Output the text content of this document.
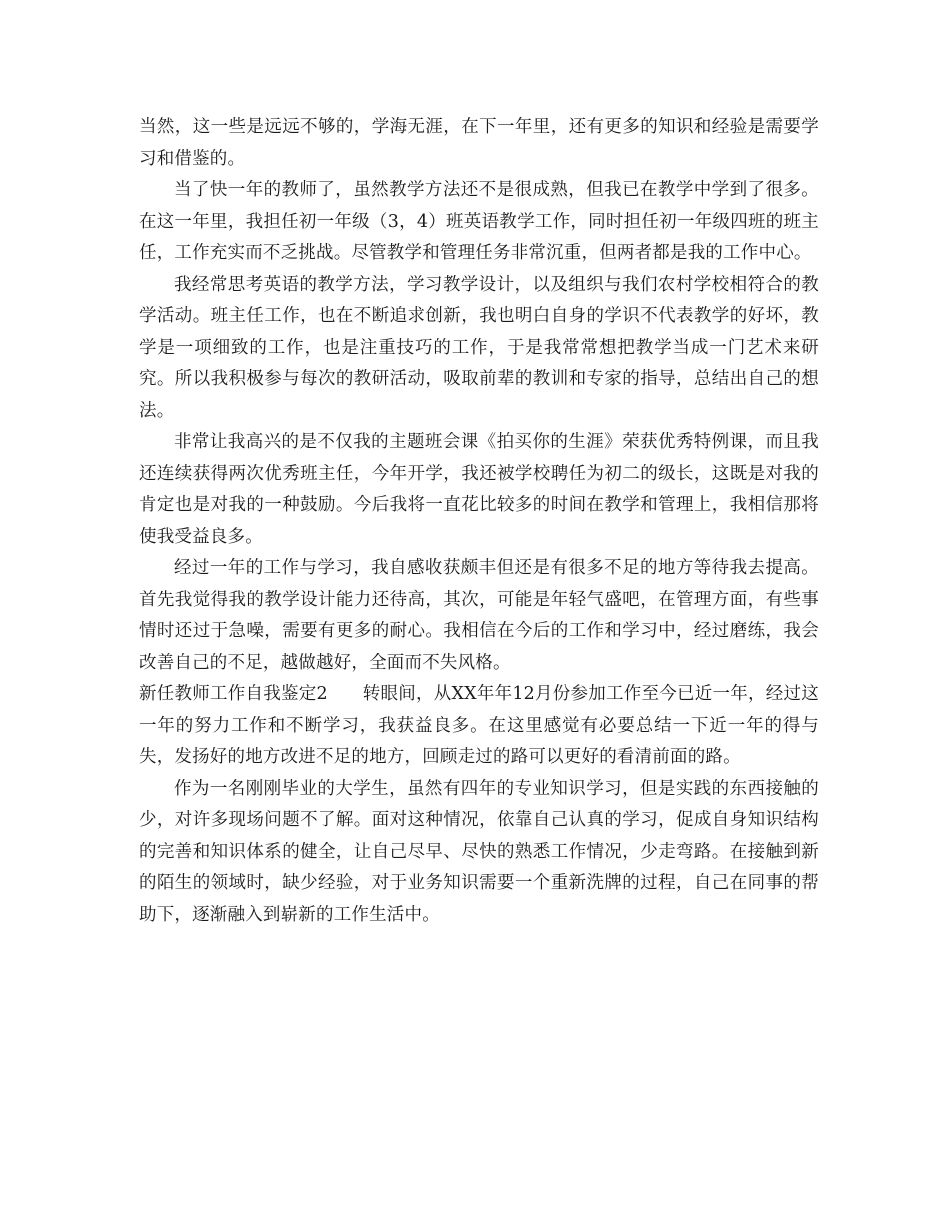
当然，这一些是远远不够的，学海无涯，在下一年里，还有更多的知识和经验是需要学习和借鉴的。

当了快一年的教师了，虽然教学方法还不是很成熟，但我已在教学中学到了很多。在这一年里，我担任初一年级（3，4）班英语教学工作，同时担任初一年级四班的班主任，工作充实而不乏挑战。尽管教学和管理任务非常沉重，但两者都是我的工作中心。

我经常思考英语的教学方法，学习教学设计，以及组织与我们农村学校相符合的教学活动。班主任工作，也在不断追求创新，我也明白自身的学识不代表教学的好坏，教学是一项细致的工作，也是注重技巧的工作，于是我常常想把教学当成一门艺术来研究。所以我积极参与每次的教研活动，吸取前辈的教训和专家的指导，总结出自己的想法。

非常让我高兴的是不仅我的主题班会课《拍买你的生涯》荣获优秀特例课，而且我还连续获得两次优秀班主任，今年开学，我还被学校聘任为初二的级长，这既是对我的肯定也是对我的一种鼓励。今后我将一直花比较多的时间在教学和管理上，我相信那将使我受益良多。

经过一年的工作与学习，我自感收获颇丰但还是有很多不足的地方等待我去提高。首先我觉得我的教学设计能力还待高，其次，可能是年轻气盛吧，在管理方面，有些事情时还过于急噪，需要有更多的耐心。我相信在今后的工作和学习中，经过磨练，我会改善自己的不足，越做越好，全面而不失风格。

新任教师工作自我鉴定2 转眼间，从XX年年12月份参加工作至今已近一年，经过这一年的努力工作和不断学习，我获益良多。在这里感觉有必要总结一下近一年的得与失，发扬好的地方改进不足的地方，回顾走过的路可以更好的看清前面的路。

作为一名刚刚毕业的大学生，虽然有四年的专业知识学习，但是实践的东西接触的少，对许多现场问题不了解。面对这种情况，依靠自己认真的学习，促成自身知识结构的完善和知识体系的健全，让自己尽早、尽快的熟悉工作情况，少走弯路。在接触到新的陌生的领域时，缺少经验，对于业务知识需要一个重新洗牌的过程，自己在同事的帮助下，逐渐融入到崭新的工作生活中。
